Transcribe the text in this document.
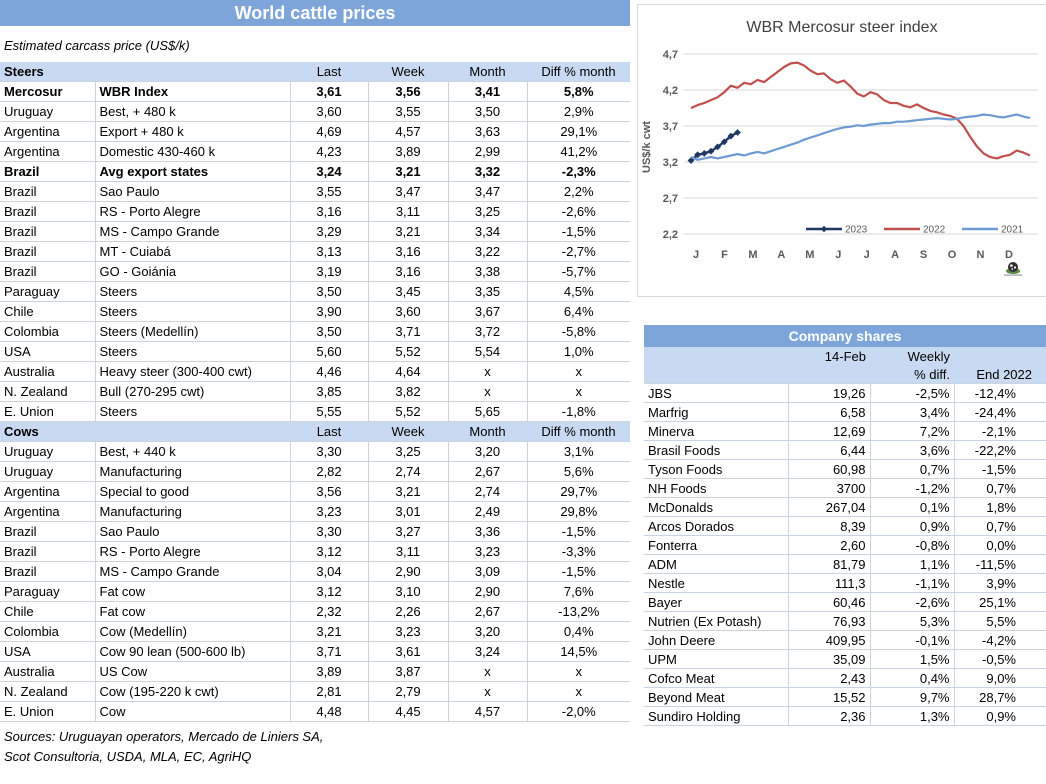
World cattle prices
Estimated carcass price (US$/k)
Steers		Last	Week	Month	Diff % month
Mercosur	WBR Index	3,61	3,56	3,41	5,8%
Uruguay	Best, + 480 k	3,60	3,55	3,50	2,9%
Argentina	Export + 480 k	4,69	4,57	3,63	29,1%
Argentina	Domestic 430-460 k	4,23	3,89	2,99	41,2%
Brazil	Avg export states	3,24	3,21	3,32	-2,3%
Brazil	Sao Paulo	3,55	3,47	3,47	2,2%
Brazil	RS - Porto Alegre	3,16	3,11	3,25	-2,6%
Brazil	MS - Campo Grande	3,29	3,21	3,34	-1,5%
Brazil	MT - Cuiabá	3,13	3,16	3,22	-2,7%
Brazil	GO - Goiánia	3,19	3,16	3,38	-5,7%
Paraguay	Steers	3,50	3,45	3,35	4,5%
Chile	Steers	3,90	3,60	3,67	6,4%
Colombia	Steers (Medellín)	3,50	3,71	3,72	-5,8%
USA	Steers	5,60	5,52	5,54	1,0%
Australia	Heavy steer (300-400 cwt)	4,46	4,64	x	x
N. Zealand	Bull (270-295 cwt)	3,85	3,82	x	x
E. Union	Steers	5,55	5,52	5,65	-1,8%
Cows		Last	Week	Month	Diff % month
Uruguay	Best, + 440 k	3,30	3,25	3,20	3,1%
Uruguay	Manufacturing	2,82	2,74	2,67	5,6%
Argentina	Special to good	3,56	3,21	2,74	29,7%
Argentina	Manufacturing	3,23	3,01	2,49	29,8%
Brazil	Sao Paulo	3,30	3,27	3,36	-1,5%
Brazil	RS - Porto Alegre	3,12	3,11	3,23	-3,3%
Brazil	MS - Campo Grande	3,04	2,90	3,09	-1,5%
Paraguay	Fat cow	3,12	3,10	2,90	7,6%
Chile	Fat cow	2,32	2,26	2,67	-13,2%
Colombia	Cow (Medellín)	3,21	3,23	3,20	0,4%
USA	Cow 90 lean (500-600 lb)	3,71	3,61	3,24	14,5%
Australia	US Cow	3,89	3,87	x	x
N. Zealand	Cow (195-220 k cwt)	2,81	2,79	x	x
E. Union	Cow	4,48	4,45	4,57	-2,0%
Sources: Uruguayan operators, Mercado de Liniers SA,
Scot Consultoria, USDA, MLA, EC, AgriHQ
WBR Mercosur steer index
4,7
4,2
3,7
3,2
2,7
2,2
US$/k cwt
J F M A M J J A S O N D
2023	2022	2021
Company shares
	14-Feb	Weekly	
		% diff.	End 2022
JBS	19,26	-2,5%	-12,4%
Marfrig	6,58	3,4%	-24,4%
Minerva	12,69	7,2%	-2,1%
Brasil Foods	6,44	3,6%	-22,2%
Tyson Foods	60,98	0,7%	-1,5%
NH Foods	3700	-1,2%	0,7%
McDonalds	267,04	0,1%	1,8%
Arcos Dorados	8,39	0,9%	0,7%
Fonterra	2,60	-0,8%	0,0%
ADM	81,79	1,1%	-11,5%
Nestle	111,3	-1,1%	3,9%
Bayer	60,46	-2,6%	25,1%
Nutrien (Ex Potash)	76,93	5,3%	5,5%
John Deere	409,95	-0,1%	-4,2%
UPM	35,09	1,5%	-0,5%
Cofco Meat	2,43	0,4%	9,0%
Beyond Meat	15,52	9,7%	28,7%
Sundiro Holding	2,36	1,3%	0,9%
